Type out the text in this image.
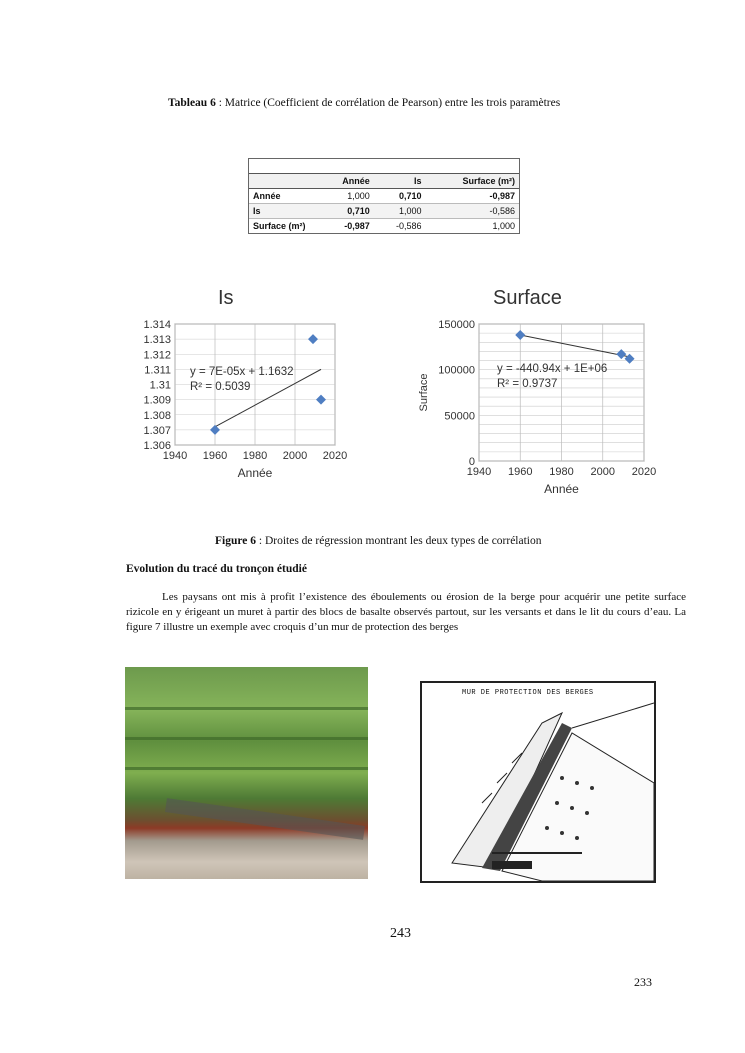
Tableau 6 : Matrice (Coefficient de corrélation de Pearson) entre les trois paramètres
	Année	Is	Surface (m²)
Année	1,000	0,710	-0,987
Is	0,710	1,000	-0,586
Surface (m²)	-0,987	-0,586	1,000
Is
1940 1960 1980 2000 2020
1.306
1.307
1.308
1.309
1.31
1.311
1.312
1.313
1.314
y = 7E-05x + 1.1632
R² = 0.5039
Année
Surface
1940 1960 1980 2000 2020
0
50000
100000
150000
y = -440.94x + 1E+06
R² = 0.9737
Année
Surface
Figure 6 : Droites de régression montrant les deux types de corrélation
Evolution du tracé du tronçon étudié
Les paysans ont mis à profit l’existence des éboulements ou érosion de la berge pour acquérir une petite surface rizicole en y érigeant un muret à partir des blocs de basalte observés partout, sur les versants et dans le lit du cours d’eau. La figure 7 illustre un exemple avec croquis d’un mur de protection des berges
MUR DE PROTECTION DES BERGES
243
233
